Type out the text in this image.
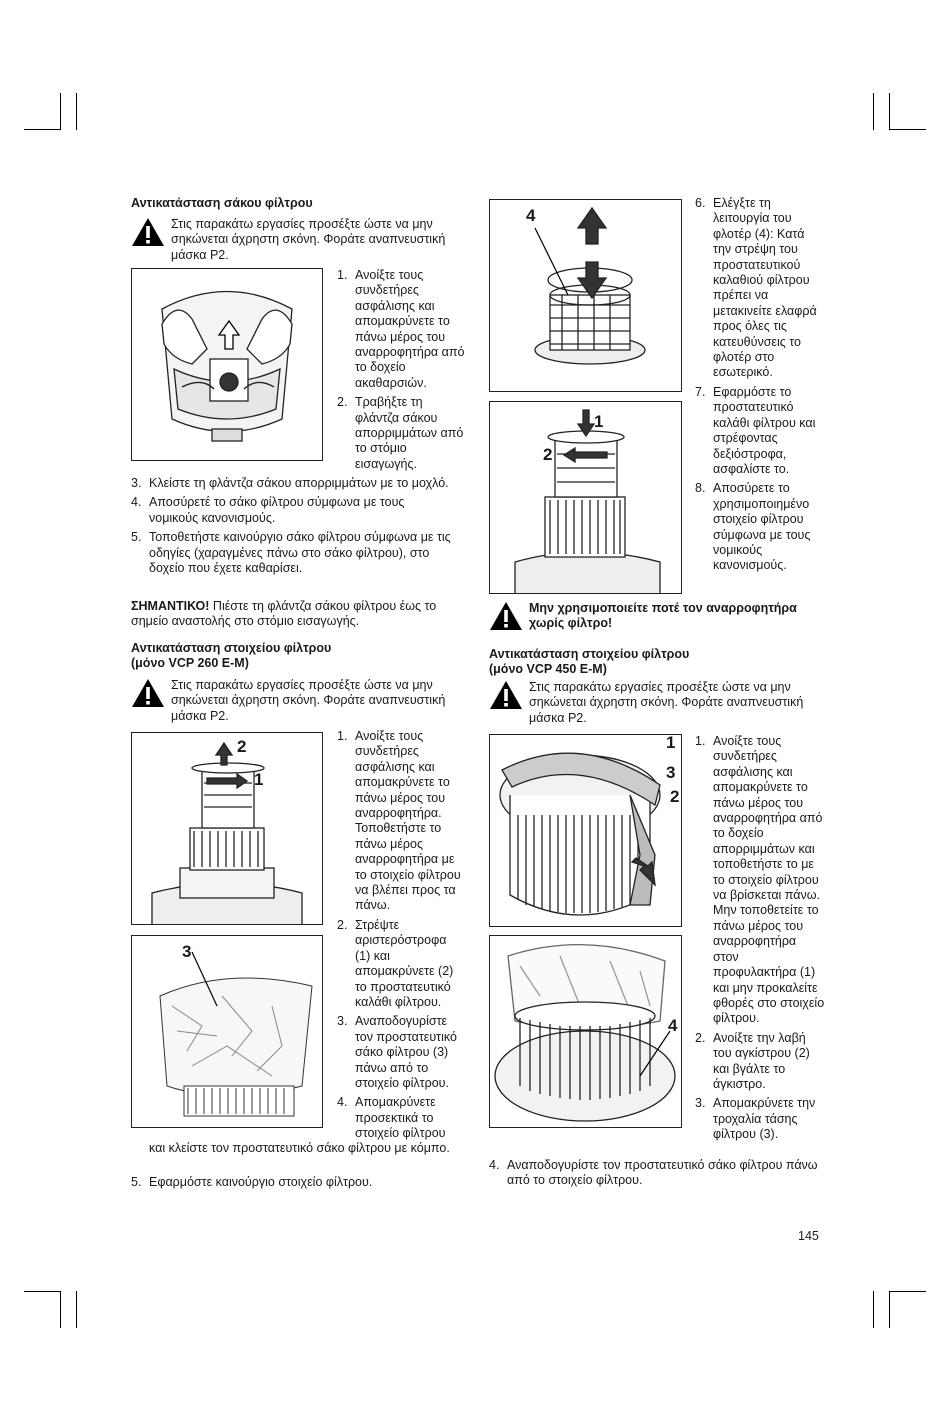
Αντικατάσταση σάκου φίλτρου
Στις παρακάτω εργασίες προσέξτε ώστε να μην σηκώνεται άχρηστη σκόνη. Φοράτε αναπνευστική μάσκα Ρ2.
1. Ανοίξτε τους συνδετήρες ασφάλισης και απομακρύνετε το πάνω μέρος του αναρροφητήρα από το δοχείο ακαθαρσιών.
2. Τραβήξτε τη φλάντζα σάκου απορριμμάτων από το στόμιο εισαγωγής.
3. Κλείστε τη φλάντζα σάκου απορριμμάτων με το μοχλό.
4. Αποσύρετέ το σάκο φίλτρου σύμφωνα με τους νομικούς κανονισμούς.
5. Τοποθετήστε καινούργιο σάκο φίλτρου σύμφωνα με τις οδηγίες (χαραγμένες πάνω στο σάκο φίλτρου), στο δοχείο που έχετε καθαρίσει.
ΣΗΜΑΝΤΙΚΟ! Πιέστε τη φλάντζα σάκου φίλτρου έως το σημείο αναστολής στο στόμιο εισαγωγής.
Αντικατάσταση στοιχείου φίλτρου
(μόνο VCP 260 E-M)
Στις παρακάτω εργασίες προσέξτε ώστε να μην σηκώνεται άχρηστη σκόνη. Φοράτε αναπνευστική μάσκα Ρ2.
2
1
3
1. Ανοίξτε τους συνδετήρες ασφάλισης και απομακρύνετε το πάνω μέρος του αναρροφητήρα. Τοποθετήστε το πάνω μέρος αναρροφητήρα με το στοιχείο φίλτρου να βλέπει προς τα πάνω.
2. Στρέψτε αριστερόστροφα (1) και απομακρύνετε (2) το προστατευτικό καλάθι φίλτρου.
3. Αναποδογυρίστε τον προστατευτικό σάκο φίλτρου (3) πάνω από το στοιχείο φίλτρου.
4. Απομακρύνετε προσεκτικά το στοιχείο φίλτρου
και κλείστε τον προστατευτικό σάκο φίλτρου με κόμπο.
5. Εφαρμόστε καινούργιο στοιχείο φίλτρου.
4
1
2
6. Ελέγξτε τη λειτουργία του φλοτέρ (4): Κατά την στρέψη του προστατευτικού καλαθιού φίλτρου πρέπει να μετακινείτε ελαφρά προς όλες τις κατευθύνσεις το φλοτέρ στο εσωτερικό.
7. Εφαρμόστε το προστατευτικό καλάθι φίλτρου και στρέφοντας δεξιόστροφα, ασφαλίστε το.
8. Αποσύρετε το χρησιμοποιημένο στοιχείο φίλτρου σύμφωνα με τους νομικούς κανονισμούς.
Μην χρησιμοποιείτε ποτέ τον αναρροφητήρα χωρίς φίλτρο!
Αντικατάσταση στοιχείου φίλτρου
(μόνο VCP 450 E-M)
Στις παρακάτω εργασίες προσέξτε ώστε να μην σηκώνεται άχρηστη σκόνη. Φοράτε αναπνευστική μάσκα Ρ2.
1
3
2
4
1. Ανοίξτε τους συνδετήρες ασφάλισης και απομακρύνετε το πάνω μέρος του αναρροφητήρα από το δοχείο απορριμμάτων και τοποθετήστε το με το στοιχείο φίλτρου να βρίσκεται πάνω. Μην τοποθετείτε το πάνω μέρος του αναρροφητήρα στον προφυλακτήρα (1) και μην προκαλείτε φθορές στο στοιχείο φίλτρου.
2. Ανοίξτε την λαβή του αγκίστρου (2) και βγάλτε το άγκιστρο.
3. Απομακρύνετε την τροχαλία τάσης φίλτρου (3).
4. Αναποδογυρίστε τον προστατευτικό σάκο φίλτρου πάνω από το στοιχείο φίλτρου.
145
